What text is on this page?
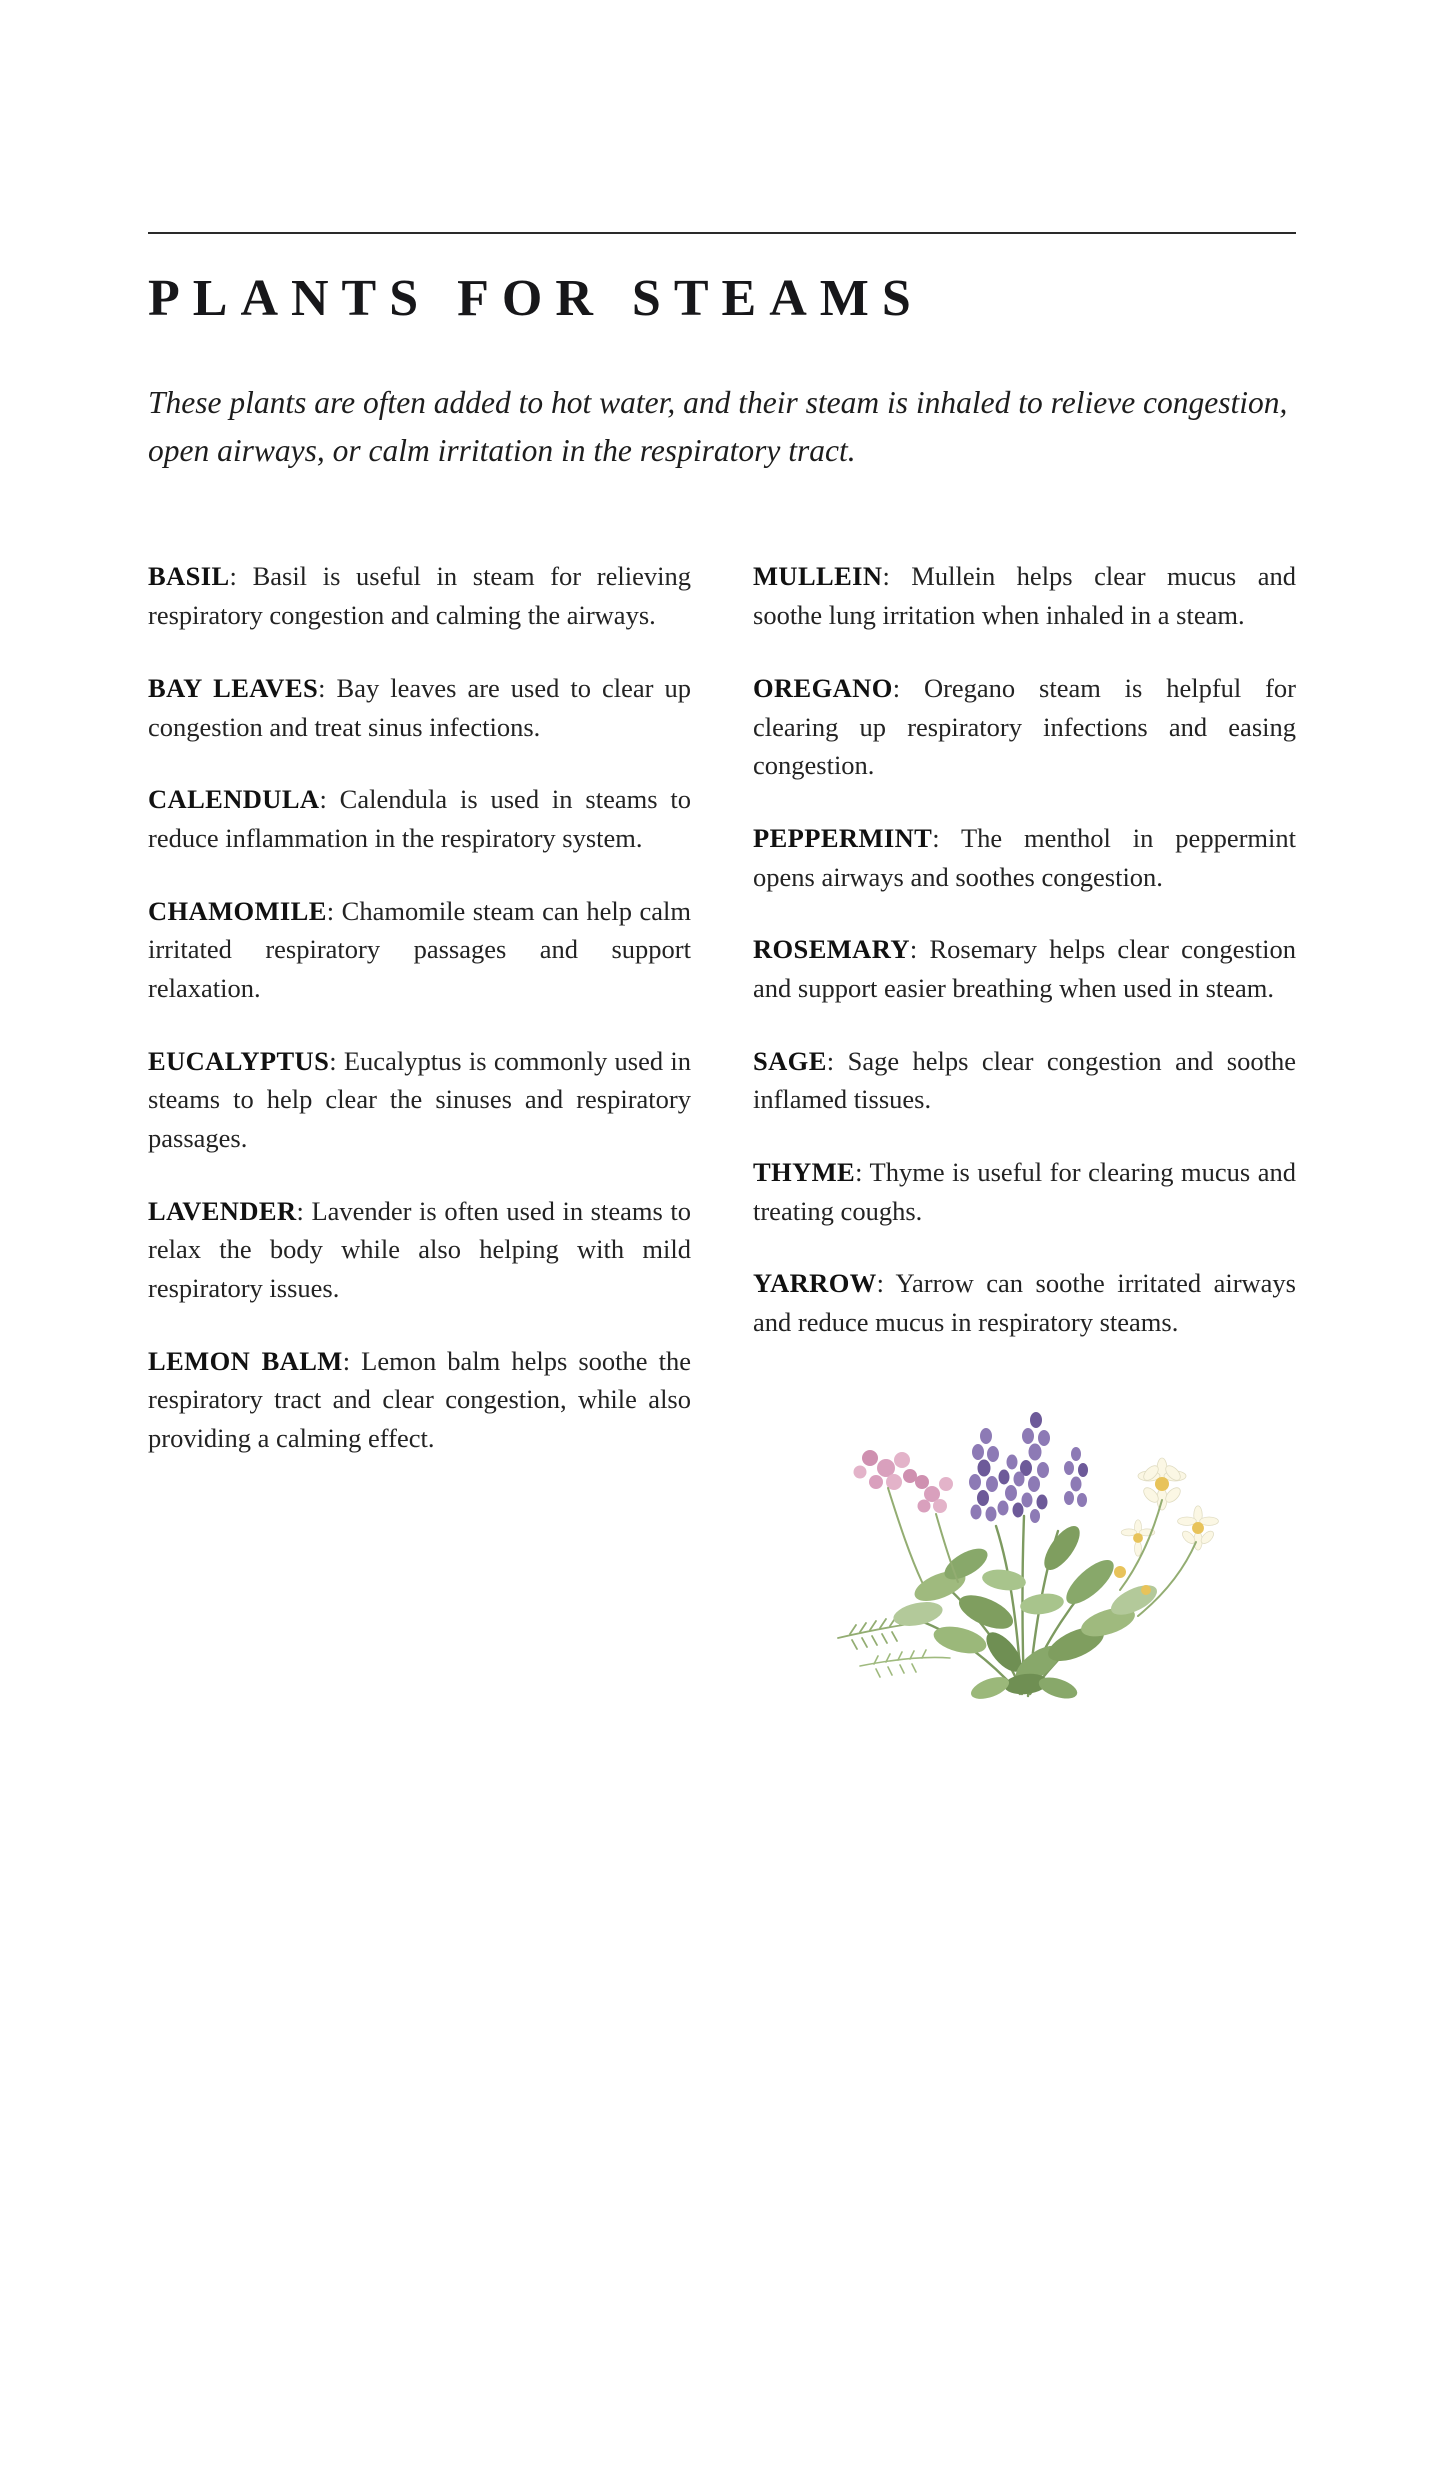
PLANTS FOR STEAMS

These plants are often added to hot water, and their steam is inhaled to relieve congestion, open airways, or calm irritation in the respiratory tract.

BASIL: Basil is useful in steam for relieving respiratory congestion and calming the airways.

BAY LEAVES: Bay leaves are used to clear up congestion and treat sinus infections.

CALENDULA: Calendula is used in steams to reduce inflammation in the respiratory system.

CHAMOMILE: Chamomile steam can help calm irritated respiratory passages and support relaxation.

EUCALYPTUS: Eucalyptus is commonly used in steams to help clear the sinuses and respiratory passages.

LAVENDER: Lavender is often used in steams to relax the body while also helping with mild respiratory issues.

LEMON BALM: Lemon balm helps soothe the respiratory tract and clear congestion, while also providing a calming effect.

MULLEIN: Mullein helps clear mucus and soothe lung irritation when inhaled in a steam.

OREGANO: Oregano steam is helpful for clearing up respiratory infections and easing congestion.

PEPPERMINT: The menthol in peppermint opens airways and soothes congestion.

ROSEMARY: Rosemary helps clear congestion and support easier breathing when used in steam.

SAGE: Sage helps clear congestion and soothe inflamed tissues.

THYME: Thyme is useful for clearing mucus and treating coughs.

YARROW: Yarrow can soothe irritated airways and reduce mucus in respiratory steams.
